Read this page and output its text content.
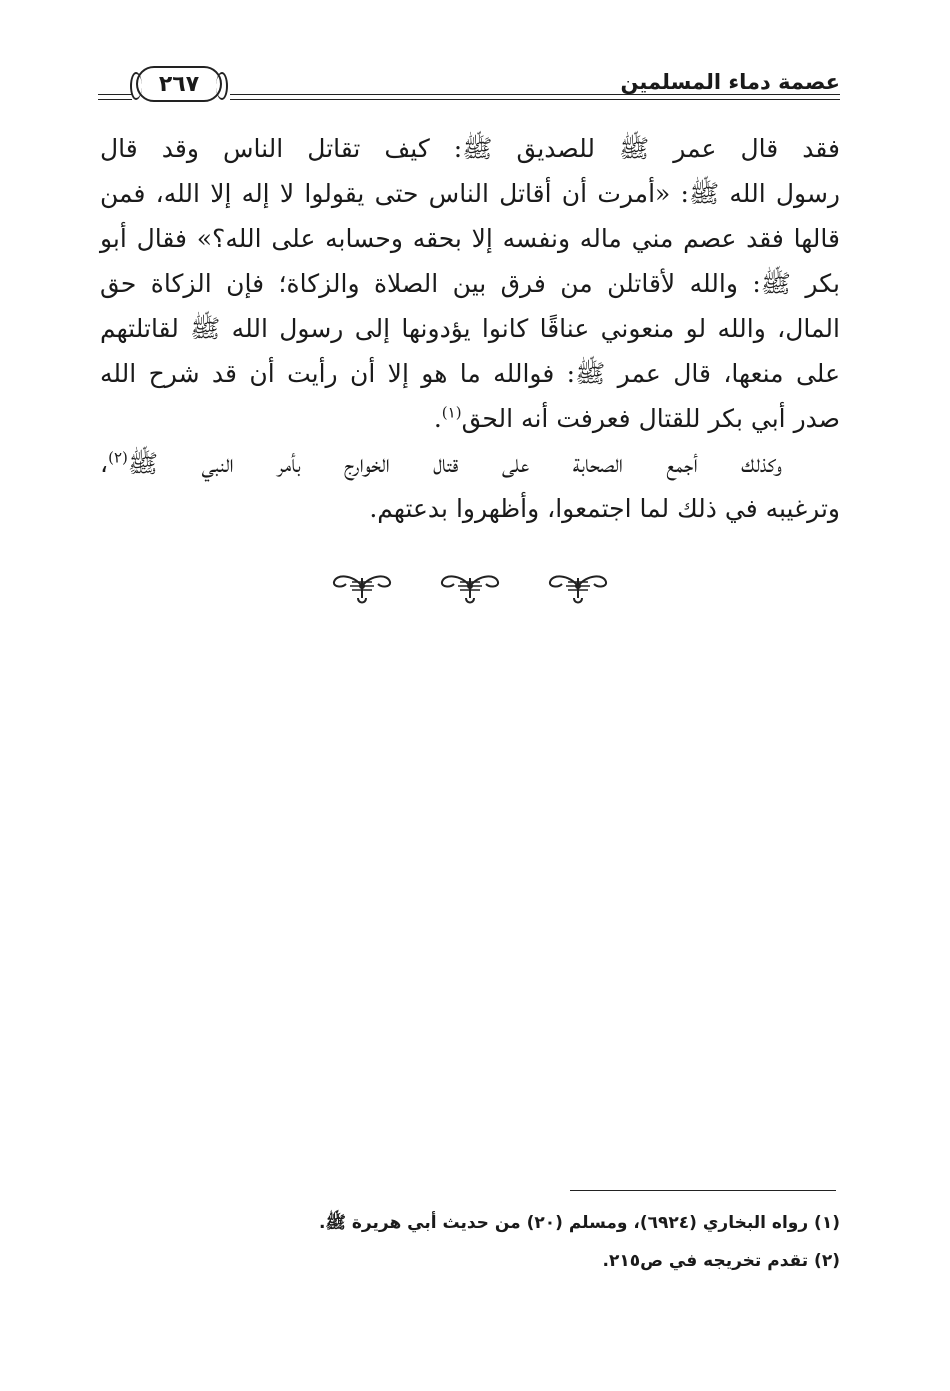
عصمة دماء المسلمين
٢٦٧
فقد قال عمر ﷺ للصديق ﷺ: كيف تقاتل الناس وقد قال
رسول الله ﷺ: «أمرت أن أقاتل الناس حتى يقولوا لا إله إلا الله، فمن
قالها فقد عصم مني ماله ونفسه إلا بحقه وحسابه على الله؟» فقال أبو
بكر ﷺ: والله لأقاتلن من فرق بين الصلاة والزكاة؛ فإن الزكاة حق
المال، والله لو منعوني عناقًا كانوا يؤدونها إلى رسول الله ﷺ لقاتلتهم
على منعها، قال عمر ﷺ: فوالله ما هو إلا أن رأيت أن قد شرح الله
صدر أبي بكر للقتال فعرفت أنه الحق$^{(١)}$.
وكذلك أجمع الصحابة على قتال الخوارج بأمر النبي ﷺ$^{(٢)}$،
وترغيبه في ذلك لما اجتمعوا، وأظهروا بدعتهم.
(١) رواه البخاري (٦٩٢٤)، ومسلم (٢٠) من حديث أبي هريرة ﷺ.
(٢) تقدم تخريجه في ص٢١٥.
